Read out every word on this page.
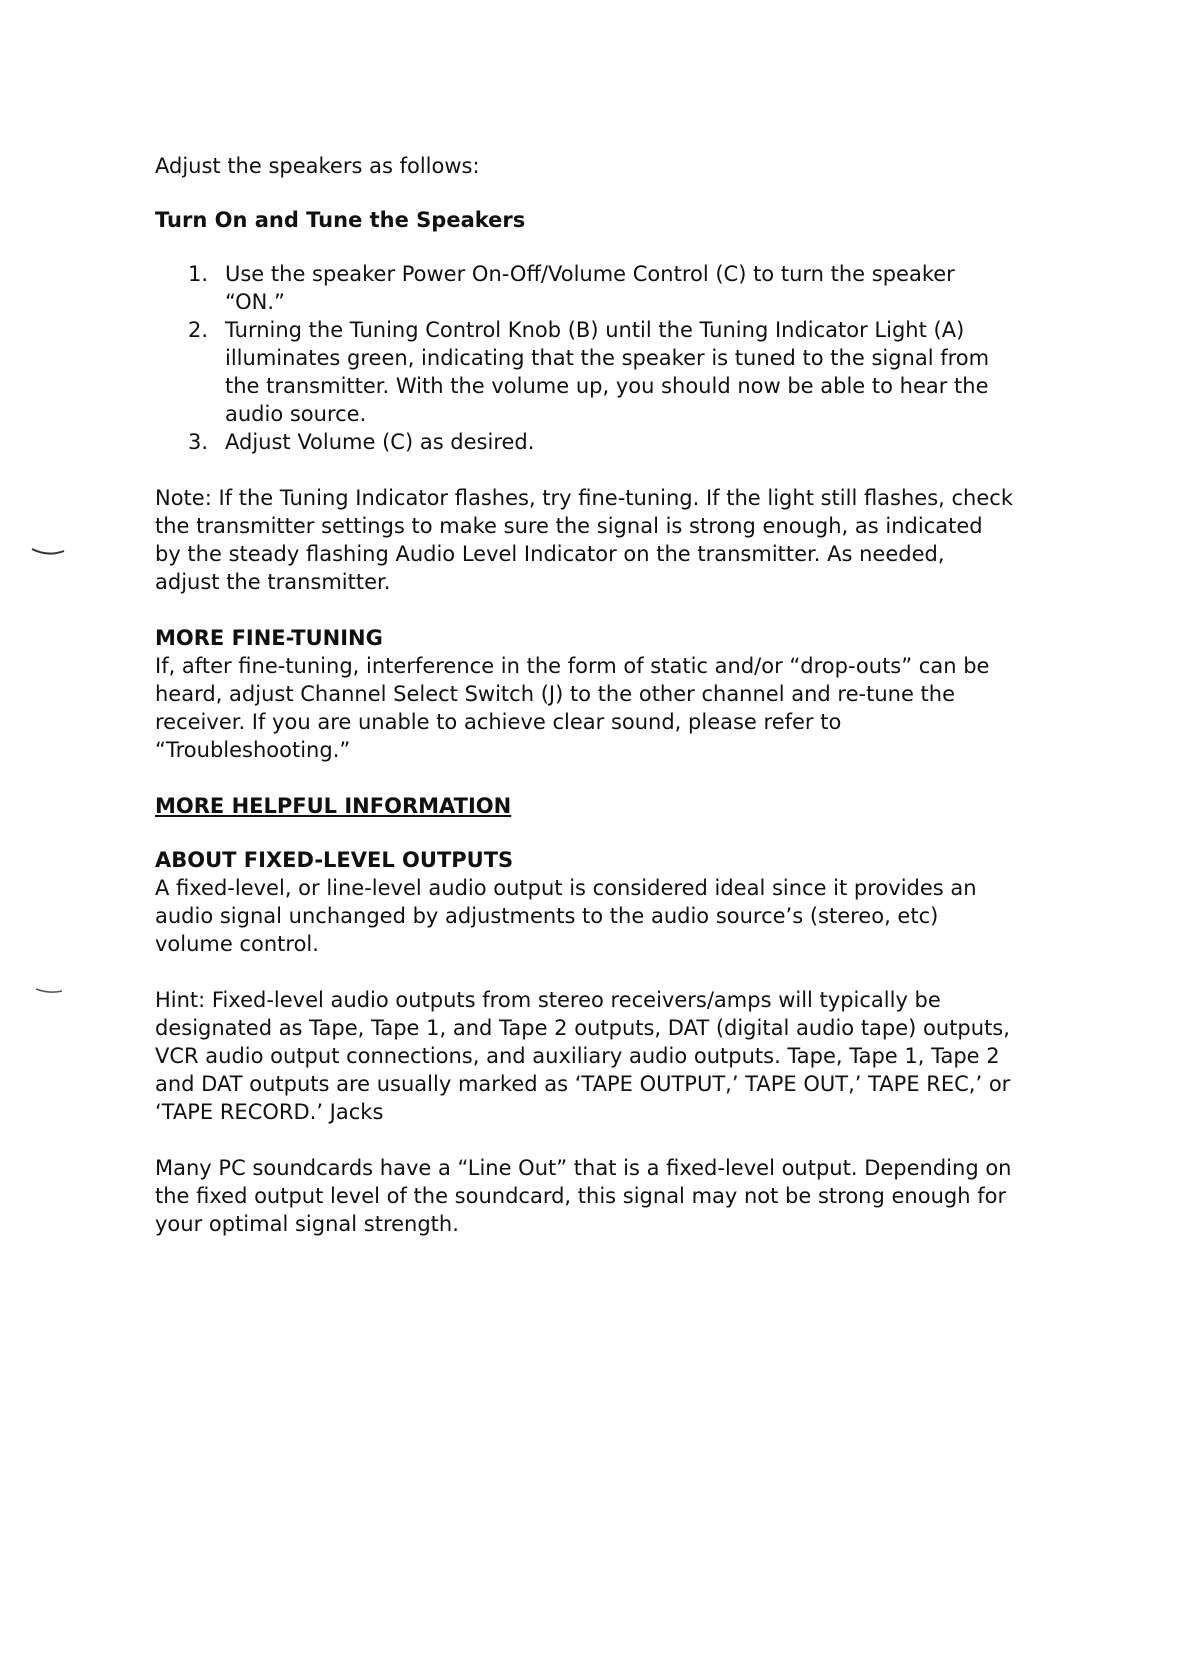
Adjust the speakers as follows:

Turn On and Tune the Speakers

1. Use the speaker Power On-Off/Volume Control (C) to turn the speaker “ON.”
2. Turning the Tuning Control Knob (B) until the Tuning Indicator Light (A) illuminates green, indicating that the speaker is tuned to the signal from the transmitter. With the volume up, you should now be able to hear the audio source.
3. Adjust Volume (C) as desired.

Note: If the Tuning Indicator flashes, try fine-tuning. If the light still flashes, check the transmitter settings to make sure the signal is strong enough, as indicated by the steady flashing Audio Level Indicator on the transmitter. As needed, adjust the transmitter.

MORE FINE-TUNING

If, after fine-tuning, interference in the form of static and/or “drop-outs” can be heard, adjust Channel Select Switch (J) to the other channel and re-tune the receiver. If you are unable to achieve clear sound, please refer to “Troubleshooting.”

MORE HELPFUL INFORMATION

ABOUT FIXED-LEVEL OUTPUTS

A fixed-level, or line-level audio output is considered ideal since it provides an audio signal unchanged by adjustments to the audio source’s (stereo, etc) volume control.

Hint: Fixed-level audio outputs from stereo receivers/amps will typically be designated as Tape, Tape 1, and Tape 2 outputs, DAT (digital audio tape) outputs, VCR audio output connections, and auxiliary audio outputs. Tape, Tape 1, Tape 2 and DAT outputs are usually marked as ‘TAPE OUTPUT,’ TAPE OUT,’ TAPE REC,’ or ‘TAPE RECORD.’ Jacks

Many PC soundcards have a “Line Out” that is a fixed-level output. Depending on the fixed output level of the soundcard, this signal may not be strong enough for your optimal signal strength.
